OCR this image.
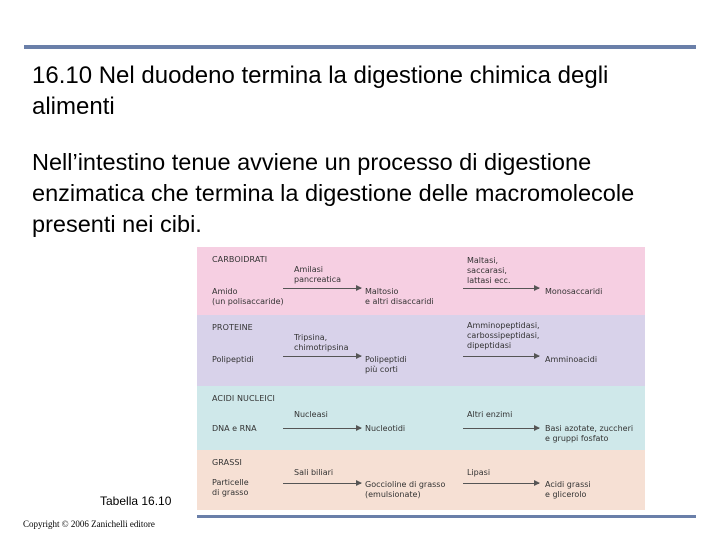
16.10 Nel duodeno termina la digestione chimica degli alimenti
Nell’intestino tenue avviene un processo di digestione enzimatica che termina la digestione delle macromolecole presenti nei cibi.
CARBOIDRATI
Amido
(un polisaccaride)
Amilasi
pancreatica
Maltosio
e altri disaccaridi
Maltasi,
saccarasi,
lattasi ecc.
Monosaccaridi
PROTEINE
Polipeptidi
Tripsina,
chimotripsina
Polipeptidi
più corti
Amminopeptidasi,
carbossipeptidasi,
dipeptidasi
Amminoacidi
ACIDI NUCLEICI
DNA e RNA
Nucleasi
Nucleotidi
Altri enzimi
Basi azotate, zuccheri
e gruppi fosfato
GRASSI
Particelle
di grasso
Sali biliari
Goccioline di grasso
(emulsionate)
Lipasi
Acidi grassi
e glicerolo
Tabella 16.10
Copyright © 2006 Zanichelli editore
